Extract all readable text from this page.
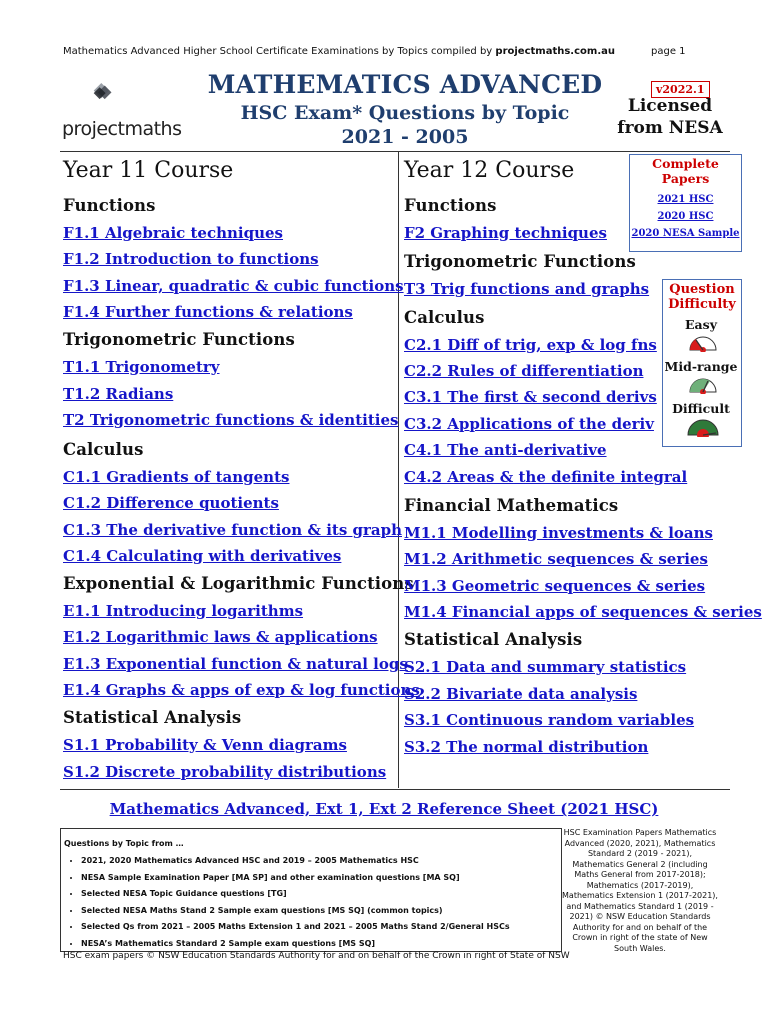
Mathematics Advanced Higher School Certificate Examinations by Topics compiled by projectmaths.com.au	page 1
projectmaths
MATHEMATICS ADVANCED
HSC Exam* Questions by Topic
2021 - 2005
v2022.1
Licensed
from NESA
Year 11 Course
Functions
F1.1 Algebraic techniques
F1.2 Introduction to functions
F1.3 Linear, quadratic & cubic functions
F1.4 Further functions & relations
Trigonometric Functions
T1.1 Trigonometry
T1.2 Radians
T2 Trigonometric functions & identities
Calculus
C1.1 Gradients of tangents
C1.2 Difference quotients
C1.3 The derivative function & its graph
C1.4 Calculating with derivatives
Exponential & Logarithmic Functions
E1.1 Introducing logarithms
E1.2 Logarithmic laws & applications
E1.3 Exponential function & natural logs
E1.4 Graphs & apps of exp & log functions
Statistical Analysis
S1.1 Probability & Venn diagrams
S1.2 Discrete probability distributions
Year 12 Course
Functions
F2 Graphing techniques
Trigonometric Functions
T3 Trig functions and graphs
Calculus
C2.1 Diff of trig, exp & log fns
C2.2 Rules of differentiation
C3.1 The first & second derivs
C3.2 Applications of the deriv
C4.1 The anti-derivative
C4.2 Areas & the definite integral
Financial Mathematics
M1.1 Modelling investments & loans
M1.2 Arithmetic sequences & series
M1.3 Geometric sequences & series
M1.4 Financial apps of sequences & series
Statistical Analysis
S2.1 Data and summary statistics
S2.2 Bivariate data analysis
S3.1 Continuous random variables
S3.2 The normal distribution
Complete
Papers
2021 HSC
2020 HSC
2020 NESA Sample
Question
Difficulty
Easy
Mid-range
Difficult
Mathematics Advanced, Ext 1, Ext 2 Reference Sheet (2021 HSC)
Questions by Topic from …
• 2021, 2020 Mathematics Advanced HSC and 2019 – 2005 Mathematics HSC
• NESA Sample Examination Paper [MA SP] and other examination questions [MA SQ]
• Selected NESA Topic Guidance questions [TG]
• Selected NESA Maths Stand 2 Sample exam questions [MS SQ] (common topics)
• Selected Qs from 2021 – 2005 Maths Extension 1 and 2021 – 2005 Maths Stand 2/General HSCs
• NESA’s Mathematics Standard 2 Sample exam questions [MS SQ]
HSC Examination Papers Mathematics Advanced (2020, 2021), Mathematics Standard 2 (2019 - 2021), Mathematics General 2 (including Maths General from 2017-2018); Mathematics (2017-2019), Mathematics Extension 1 (2017-2021), and Mathematics Standard 1 (2019 - 2021) © NSW Education Standards Authority for and on behalf of the Crown in right of the state of New South Wales.
HSC exam papers © NSW Education Standards Authority for and on behalf of the Crown in right of State of NSW
